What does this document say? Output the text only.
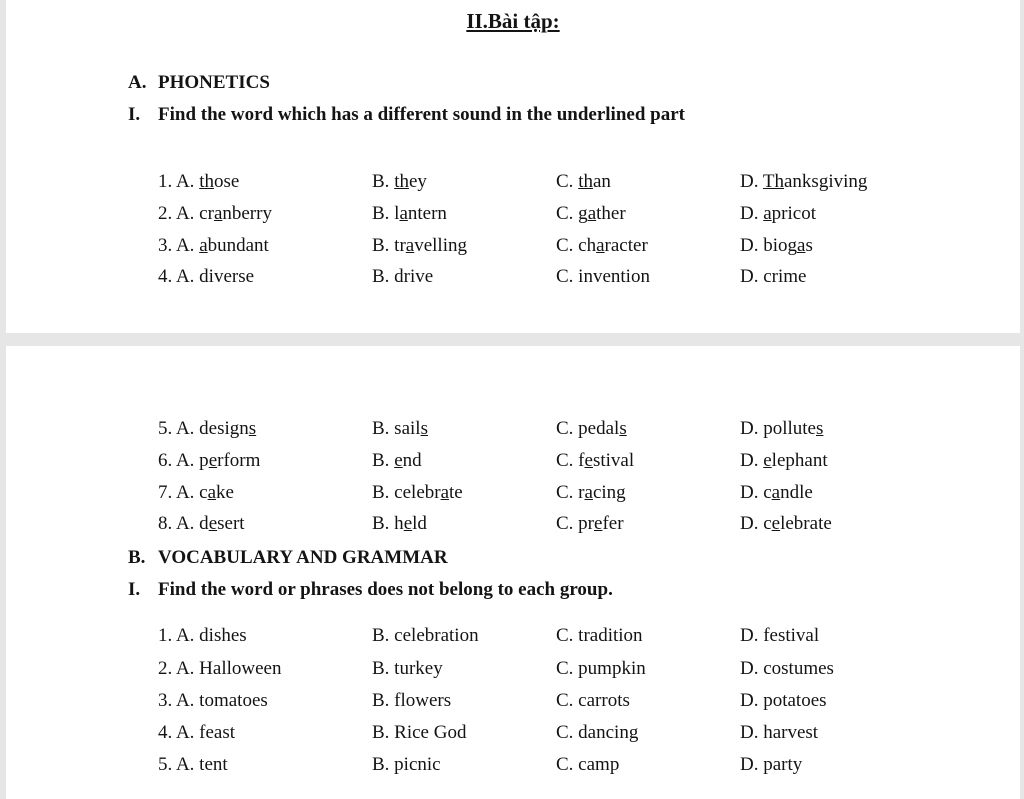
II.Bài tập:
A. PHONETICS
I. Find the word which has a different sound in the underlined part
1. A. those	B. they	C. than	D. Thanksgiving
2. A. cranberry	B. lantern	C. gather	D. apricot
3. A. abundant	B. travelling	C. character	D. biogas
4. A. diverse	B. drive	C. invention	D. crime
5. A. designs	B. sails	C. pedals	D. pollutes
6. A. perform	B. end	C. festival	D. elephant
7. A. cake	B. celebrate	C. racing	D. candle
8. A. desert	B. held	C. prefer	D. celebrate
B. VOCABULARY AND GRAMMAR
I. Find the word or phrases does not belong to each group.
1. A. dishes	B. celebration	C. tradition	D. festival
2. A. Halloween	B. turkey	C. pumpkin	D. costumes
3. A. tomatoes	B. flowers	C. carrots	D. potatoes
4. A. feast	B. Rice God	C. dancing	D. harvest
5. A. tent	B. picnic	C. camp	D. party
